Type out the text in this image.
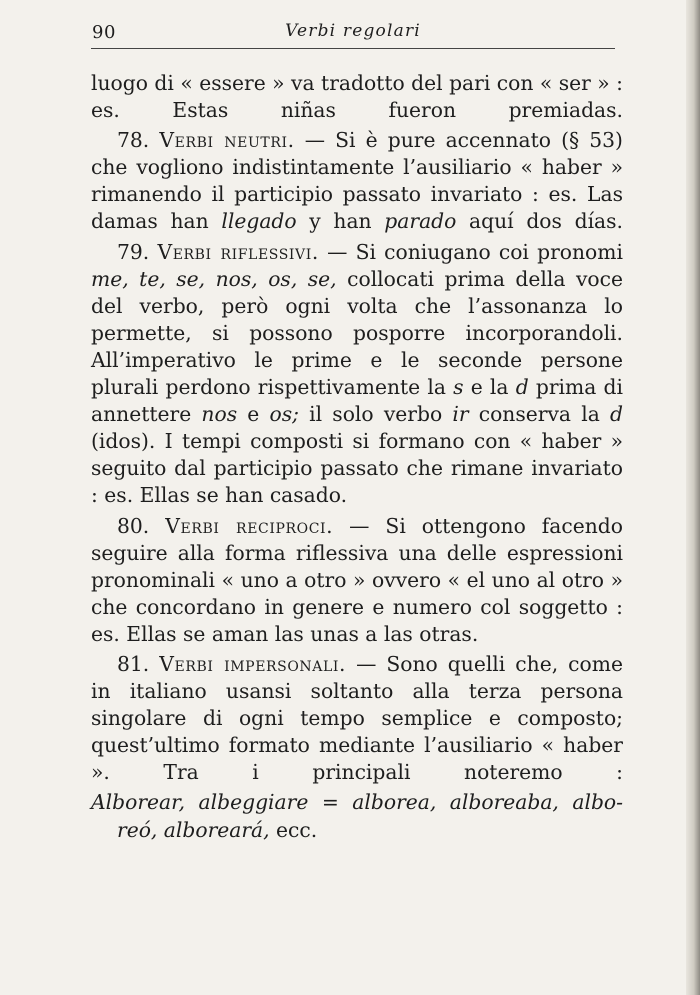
90	Verbi regolari

luogo di « essere » va tradotto del pari con « ser » : es. Estas niñas fueron premiadas.

78. Verbi neutri. — Si è pure accennato (§ 53) che vogliono indistintamente l’ausiliario « haber » rimanendo il participio passato invariato : es. Las damas han llegado y han parado aquí dos días.

79. Verbi riflessivi. — Si coniugano coi pronomi me, te, se, nos, os, se, collocati prima della voce del verbo, però ogni volta che l’assonanza lo permette, si possono posporre incorporandoli. All’imperativo le prime e le seconde persone plurali perdono rispettivamente la s e la d prima di annettere nos e os; il solo verbo ir conserva la d (idos). I tempi composti si formano con « haber » seguito dal participio passato che rimane invariato : es. Ellas se han casado.

80. Verbi reciproci. — Si ottengono facendo seguire alla forma riflessiva una delle espressioni pronominali « uno a otro » ovvero « el uno al otro » che concordano in genere e numero col soggetto : es. Ellas se aman las unas a las otras.

81. Verbi impersonali. — Sono quelli che, come in italiano usansi soltanto alla terza persona singolare di ogni tempo semplice e composto; quest’ultimo formato mediante l’ausiliario « haber ». Tra i principali noteremo :

Alborear, albeggiare = alborea, alboreaba, albo-

reó, alboreará, ecc.
